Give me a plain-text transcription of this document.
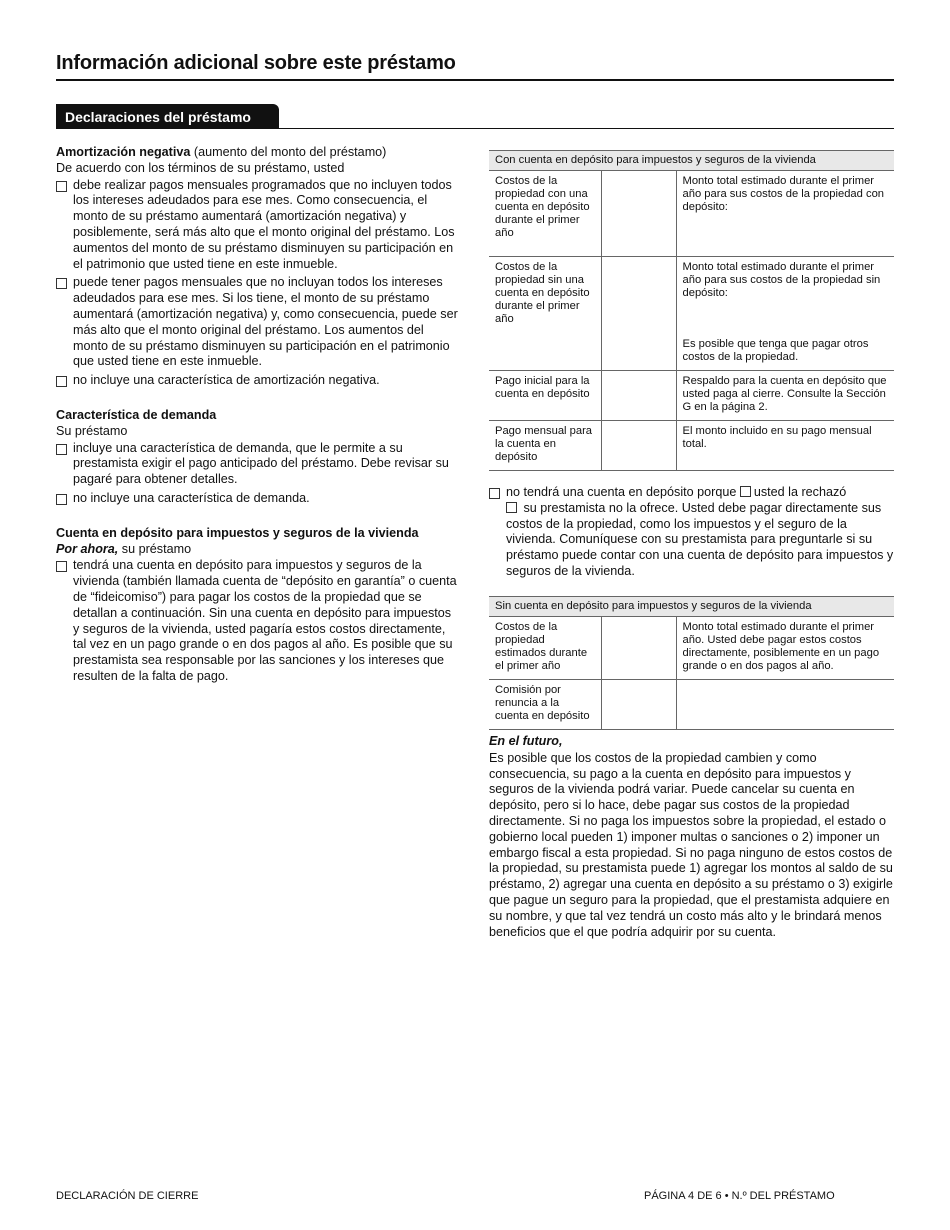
Información adicional sobre este préstamo
Declaraciones del préstamo
Amortización negativa (aumento del monto del préstamo)
De acuerdo con los términos de su préstamo, usted
debe realizar pagos mensuales programados que no incluyen todos los intereses adeudados para ese mes. Como consecuencia, el monto de su préstamo aumentará (amortización negativa) y posiblemente, será más alto que el monto original del préstamo. Los aumentos del monto de su préstamo disminuyen su participación en el patrimonio que usted tiene en este inmueble.
puede tener pagos mensuales que no incluyan todos los intereses adeudados para ese mes. Si los tiene, el monto de su préstamo aumentará (amortización negativa) y, como consecuencia, puede ser más alto que el monto original del préstamo. Los aumentos del monto de su préstamo disminuyen su participación en el patrimonio que usted tiene en este inmueble.
no incluye una característica de amortización negativa.
Característica de demanda
Su préstamo
incluye una característica de demanda, que le permite a su prestamista exigir el pago anticipado del préstamo. Debe revisar su pagaré para obtener detalles.
no incluye una característica de demanda.
Cuenta en depósito para impuestos y seguros de la vivienda
Por ahora, su préstamo
tendrá una cuenta en depósito para impuestos y seguros de la vivienda (también llamada cuenta de “depósito en garantía” o cuenta de “fideicomiso”) para pagar los costos de la propiedad que se detallan a continuación. Sin una cuenta en depósito para impuestos y seguros de la vivienda, usted pagaría estos costos directamente, tal vez en un pago grande o en dos pagos al año. Es posible que su prestamista sea responsable por las sanciones y los intereses que resulten de la falta de pago.
Con cuenta en depósito para impuestos y seguros de la vivienda		
Costos de la propiedad con una cuenta en depósito durante el primer año		Monto total estimado durante el primer año para sus costos de la propiedad con depósito:
Costos de la propiedad sin una cuenta en depósito durante el primer año		Monto total estimado durante el primer año para sus costos de la propiedad sin depósito:
Es posible que tenga que pagar otros costos de la propiedad.

Pago inicial para la cuenta en depósito		Respaldo para la cuenta en depósito que usted paga al cierre. Consulte la Sección G en la página 2.
Pago mensual para la cuenta en depósito		El monto incluido en su pago mensual total.
no tendrá una cuenta en depósito porque usted la rechazó
su prestamista no la ofrece. Usted debe pagar directamente sus costos de la propiedad, como los impuestos y el seguro de la vivienda. Comuníquese con su prestamista para preguntarle si su préstamo puede contar con una cuenta de depósito para impuestos y seguros de la vivienda.
Sin cuenta en depósito para impuestos y seguros de la vivienda		
Costos de la propiedad estimados durante el primer año		Monto total estimado durante el primer año. Usted debe pagar estos costos directamente, posiblemente en un pago grande o en dos pagos al año.
Comisión por renuncia a la cuenta en depósito		
En el futuro,
Es posible que los costos de la propiedad cambien y como consecuencia, su pago a la cuenta en depósito para impuestos y seguros de la vivienda podrá variar. Puede cancelar su cuenta en depósito, pero si lo hace, debe pagar sus costos de la propiedad directamente. Si no paga los impuestos sobre la propiedad, el estado o gobierno local pueden 1) imponer multas o sanciones o 2) imponer un embargo fiscal a esta propiedad. Si no paga ninguno de estos costos de la propiedad, su prestamista puede 1) agregar los montos al saldo de su préstamo, 2) agregar una cuenta en depósito a su préstamo o 3) exigirle que pague un seguro para la propiedad, que el prestamista adquiere en su nombre, y que tal vez tendrá un costo más alto y le brindará menos beneficios que el que podría adquirir por su cuenta.
DECLARACIÓN DE CIERRE	PÁGINA 4 DE 6 • N.º DEL PRÉSTAMO
